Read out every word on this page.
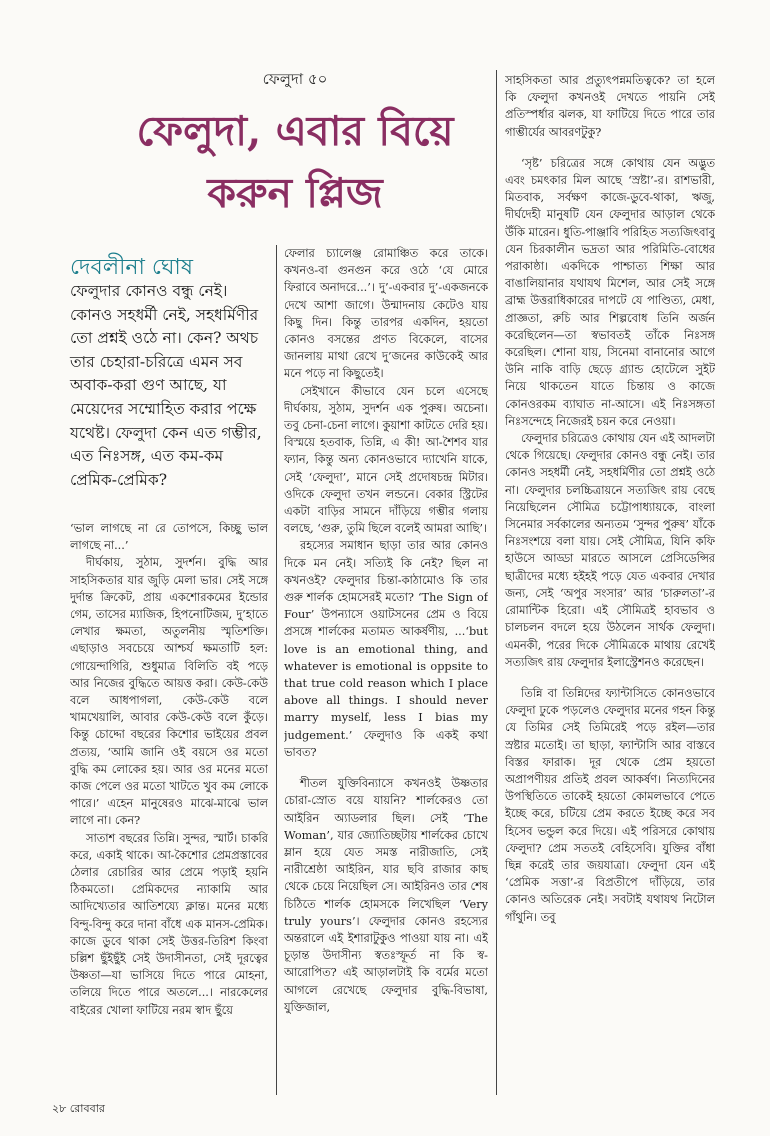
ফেলুদা ৫০
ফেলুদা, এবার বিয়ে
করুন প্লিজ
দেবলীনা ঘোষ
ফেলুদার কোনও বন্ধু নেই। কোনও সহধর্মী নেই, সহধর্মিণীর তো প্রশ্নই ওঠে না। কেন? অথচ তার চেহারা-চরিত্রে এমন সব অবাক-করা গুণ আছে, যা মেয়েদের সম্মোহিত করার পক্ষে যথেষ্ট। ফেলুদা কেন এত গম্ভীর, এত নিঃসঙ্গ, এত কম-কম প্রেমিক-প্রেমিক?

‘ভাল লাগছে না রে তোপসে, কিচ্ছু ভাল লাগছে না...’

দীর্ঘকায়, সুঠাম, সুদর্শন। বুদ্ধি আর সাহসিকতার যার জুড়ি মেলা ভার। সেই সঙ্গে দুর্দান্ত ক্রিকেট, প্রায় একশোরকমের ইন্ডোর গেম, তাসের ম্যাজিক, হিপনোটিজম, দু’হাতে লেখার ক্ষমতা, অতুলনীয় স্মৃতিশক্তি। এছাড়াও সবচেয়ে আশ্চর্য ক্ষমতাটি হল: গোয়েন্দাগিরি, শুধুমাত্র বিলিতি বই পড়ে আর নিজের বুদ্ধিতে আয়ত্ত করা। কেউ-কেউ বলে আধপাগলা, কেউ-কেউ বলে খামখেয়ালি, আবার কেউ-কেউ বলে কুঁড়ে। কিন্তু চোদ্দো বছরের কিশোর ভাইয়ের প্রবল প্রত্যয়, ‘আমি জানি ওই বয়সে ওর মতো বুদ্ধি কম লোকের হয়। আর ওর মনের মতো কাজ পেলে ওর মতো খাটতে খুব কম লোকে পারে।’ এহেন মানুষেরও মাঝে-মাঝে ভাল লাগে না। কেন?

সাতাশ বছরের তিন্নি। সুন্দর, স্মার্ট। চাকরি করে, একাই থাকে। আ-কৈশোর প্রেমপ্রস্তাবের ঠেলার রেচারির আর প্রেমে পড়াই হয়নি ঠিকমতো। প্রেমিকদের ন্যাকামি আর আদিখ্যেতার আতিশয্যে ক্লান্ত। মনের মধ্যে বিন্দু-বিন্দু করে দানা বাঁধে এক মানস-প্রেমিক। কাজে ডুবে থাকা সেই উত্তর-তিরিশ কিংবা চল্লিশ ছুঁইছুঁই সেই উদাসীনতা, সেই দূরত্বের উষ্ণতা—যা ভাসিয়ে দিতে পারে মোহনা, তলিয়ে দিতে পারে অতলে...। নারকেলের বাইরের খোলা ফাটিয়ে নরম স্বাদ ছুঁয়ে

ফেলার চ্যালেঞ্জ রোমাঞ্চিত করে তাকে। কখনও-বা গুনগুন করে ওঠে ‘যে মোরে ফিরাবে অনাদরে...’। দু’-একবার দু’-একজনকে দেখে আশা জাগে। উন্মাদনায় কেটেও যায় কিছু দিন। কিন্তু তারপর একদিন, হয়তো কোনও বসন্তের প্রণত বিকেলে, বাসের জানলায় মাথা রেখে দু’জনের কাউকেই আর মনে পড়ে না কিছুতেই।

সেইখানে কীভাবে যেন চলে এসেছে দীর্ঘকায়, সুঠাম, সুদর্শন এক পুরুষ। অচেনা। তবু চেনা-চেনা লাগে। কুয়াশা কাটতে দেরি হয়। বিস্ময়ে হতবাক, তিন্নি, এ কী! আ-শৈশব যার ফ্যান, কিন্তু অন্য কোনওভাবে দ্যাখেনি যাকে, সেই ‘ফেলুদা’, মানে সেই প্রদোষচন্দ্র মিটার। ওদিকে ফেলুদা তখন লন্ডনে। বেকার স্ট্রিটের একটা বাড়ির সামনে দাঁড়িয়ে গম্ভীর গলায় বলছে, ‘গুরু, তুমি ছিলে বলেই আমরা আছি’।

রহস্যের সমাধান ছাড়া তার আর কোনও দিকে মন নেই। সত্যিই কি নেই? ছিল না কখনওই? ফেলুদার চিন্তা-কাঠামোও কি তার গুরু শার্লক হোমসেরই মতো? ‘The Sign of Four’ উপন্যাসে ওয়াটসনের প্রেম ও বিয়ে প্রসঙ্গে শার্লকের মতামত আকর্ষণীয়, ...‘but love is an emotional thing, and whatever is emotional is oppsite to that true cold reason which I place above all things. I should never marry myself, less I bias my judgement.’ ফেলুদাও কি একই কথা ভাবত?

শীতল যুক্তিবিন্যাসে কখনওই উষ্ণতার চোরা-স্রোত বয়ে যায়নি? শার্লকেরও তো আইরিন অ্যাডলার ছিল। সেই ‘The Woman’, যার জ্যোতিচ্ছটায় শার্লকের চোখে ম্লান হয়ে যেত সমস্ত নারীজাতি, সেই নারীশ্রেষ্ঠা আইরিন, যার ছবি রাজার কাছ থেকে চেয়ে নিয়েছিল সে। আইরিনও তার শেষ চিঠিতে শার্লক হোমসকে লিখেছিল ‘Very truly yours’। ফেলুদার কোনও রহস্যের অন্তরালে এই ইশারাটুকুও পাওয়া যায় না। এই চূড়ান্ত উদাসীন্য স্বতঃস্ফূর্ত না কি স্ব-আরোপিত? এই আড়ালটাই কি বর্মের মতো আগলে রেখেছে ফেলুদার বুদ্ধি-বিভাষা, যুক্তিজাল,

সাহসিকতা আর প্রত্যুৎপন্নমতিত্বকে? তা হলে কি ফেলুদা কখনওই দেখতে পায়নি সেই প্রতিস্পর্ধার ঝলক, যা ফাটিয়ে দিতে পারে তার গাম্ভীর্যের আবরণটুকু?

‘সৃষ্ট’ চরিত্রের সঙ্গে কোথায় যেন অদ্ভুত এবং চমৎকার মিল আছে ‘স্রষ্টা’-র। রাশভারী, মিতবাক, সর্বক্ষণ কাজে-ডুবে-থাকা, ঋজু, দীর্ঘদেহী মানুষটি যেন ফেলুদার আড়াল থেকে উঁকি মারেন। ধুতি-পাঞ্জাবি পরিহিত সত্যজিৎবাবু যেন চিরকালীন ভদ্রতা আর পরিমিতি-বোধের পরাকাষ্ঠা। একদিকে পাশ্চাত্য শিক্ষা আর বাঙালিয়ানার যথাযথ মিশেল, আর সেই সঙ্গে ব্রাহ্ম উত্তরাধিকারের দাপটে যে পাণ্ডিত্য, মেধা, প্রাজ্ঞতা, রুচি আর শিল্পবোধ তিনি অর্জন করেছিলেন—তা স্বভাবতই তাঁকে নিঃসঙ্গ করেছিল। শোনা যায়, সিনেমা বানানোর আগে উনি নাকি বাড়ি ছেড়ে গ্র্যান্ড হোটেলে সুইট নিয়ে থাকতেন যাতে চিন্তায় ও কাজে কোনওরকম ব্যাঘাত না-আসে। এই নিঃসঙ্গতা নিঃসন্দেহে নিজেরই চয়ন করে নেওয়া।

ফেলুদার চরিত্রেও কোথায় যেন এই আদলটা থেকে গিয়েছে। ফেলুদার কোনও বন্ধু নেই। তার কোনও সহধর্মী নেই, সহধর্মিণীর তো প্রশ্নই ওঠে না। ফেলুদার চলচ্চিত্রায়নে সত্যজিৎ রায় বেছে নিয়েছিলেন সৌমিত্র চট্টোপাধ্যায়কে, বাংলা সিনেমার সর্বকালের অন্যতম ‘সুন্দর পুরুষ’ যাঁকে নিঃসংশয়ে বলা যায়। সেই সৌমিত্র, যিনি কফি হাউসে আড্ডা মারতে আসলে প্রেসিডেন্সির ছাত্রীদের মধ্যে হইহই পড়ে যেত একবার দেখার জন্য, সেই ‘অপুর সংসার’ আর ‘চারুলতা’-র রোমান্টিক হিরো। এই সৌমিত্রই হাবভাব ও চালচলন বদলে হয়ে উঠলেন সার্থক ফেলুদা। এমনকী, পরের দিকে সৌমিত্রকে মাথায় রেখেই সত্যজিৎ রায় ফেলুদার ইলাস্ট্রেশনও করেছেন।

তিন্নি বা তিন্নিদের ফ্যান্টাসিতে কোনওভাবে ফেলুদা ঢুকে পড়লেও ফেলুদার মনের গহন কিন্তু যে তিমির সেই তিমিরেই পড়ে রইল—তার স্রষ্টার মতোই। তা ছাড়া, ফ্যান্টাসি আর বাস্তবে বিস্তর ফারাক। দূর থেকে প্রেম হয়তো অপ্রাপণীয়র প্রতিই প্রবল আকর্ষণ। নিত্যদিনের উপস্থিতিতে তাকেই হয়তো কোমলভাবে পেতে ইচ্ছে করে, চটিয়ে প্রেম করতে ইচ্ছে করে সব হিসেব ভন্ডুল করে দিয়ে। এই পরিসরে কোথায় ফেলুদা? প্রেম সততই বেহিসেবি। যুক্তির বাঁধা ছিন্ন করেই তার জয়যাত্রা। ফেলুদা যেন এই ‘প্রেমিক সত্তা’-র বিপ্রতীপে দাঁড়িয়ে, তার কোনও অতিরেক নেই। সবটাই যথাযথ নিটোল গাঁথুনি। তবু

২৮ রোববার
